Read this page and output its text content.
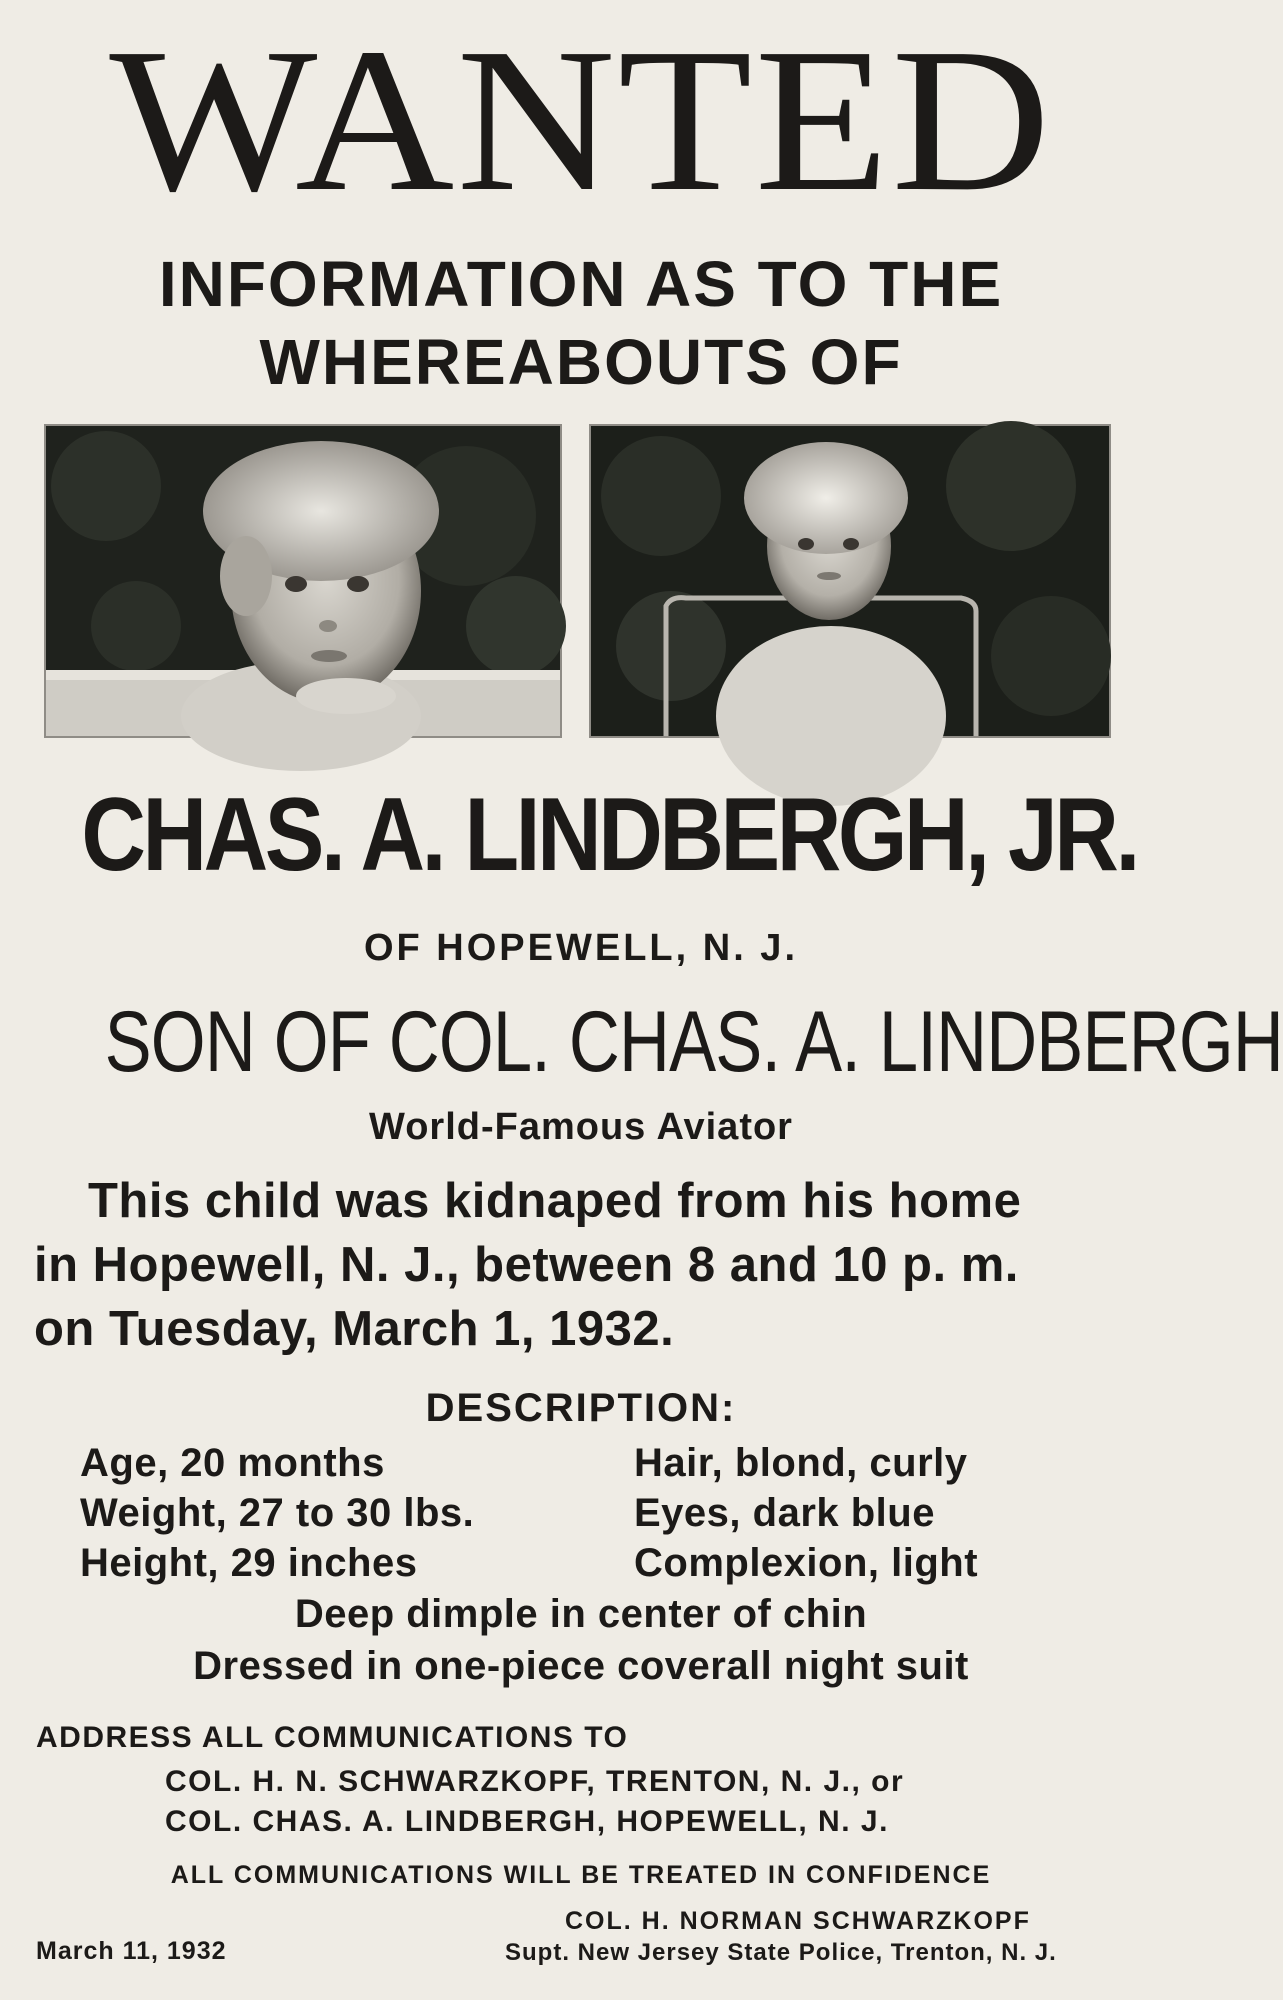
WANTED
INFORMATION AS TO THE
WHEREABOUTS OF
CHAS. A. LINDBERGH, JR.
OF HOPEWELL, N. J.
SON OF COL. CHAS. A. LINDBERGH
World-Famous Aviator
This child was kidnaped from his home
in Hopewell, N. J., between 8 and 10 p. m.
on Tuesday, March 1, 1932.
DESCRIPTION:
Age, 20 months
Weight, 27 to 30 lbs.
Height, 29 inches
Hair, blond, curly
Eyes, dark blue
Complexion, light
Deep dimple in center of chin
Dressed in one-piece coverall night suit
ADDRESS ALL COMMUNICATIONS TO
COL. H. N. SCHWARZKOPF, TRENTON, N. J., or
COL. CHAS. A. LINDBERGH, HOPEWELL, N. J.
ALL COMMUNICATIONS WILL BE TREATED IN CONFIDENCE
March 11, 1932
COL. H. NORMAN SCHWARZKOPF
Supt. New Jersey State Police, Trenton, N. J.
